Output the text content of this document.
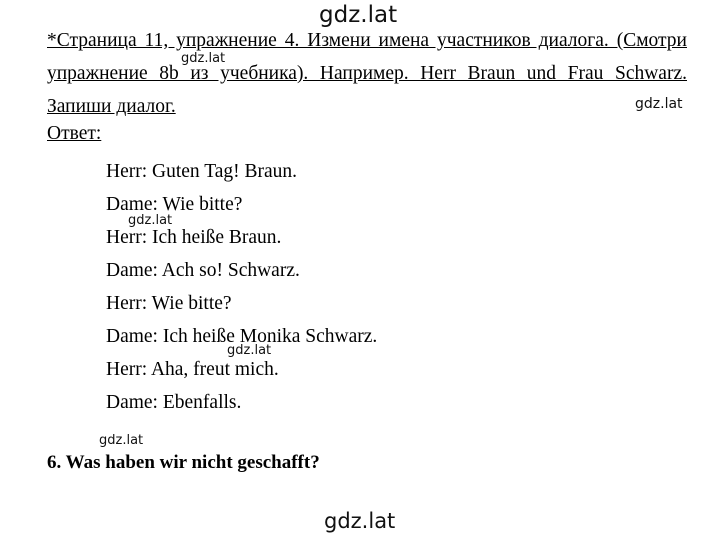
gdz.lat

*Страница 11, упражнение 4. Измени имена участников диалога. (Смотри упражнение 8b из учебника). Например. Herr Braun und Frau Schwarz. Запиши диалог.

gdz.lat
gdz.lat

Ответ:

Herr: Guten Tag! Braun.
Dame: Wie bitte?
Herr: Ich heiße Braun.
Dame: Ach so! Schwarz.
Herr: Wie bitte?
Dame: Ich heiße Monika Schwarz.
Herr: Aha, freut mich.
Dame: Ebenfalls.
gdz.lat
gdz.lat
gdz.lat

6. Was haben wir nicht geschafft?

gdz.lat
